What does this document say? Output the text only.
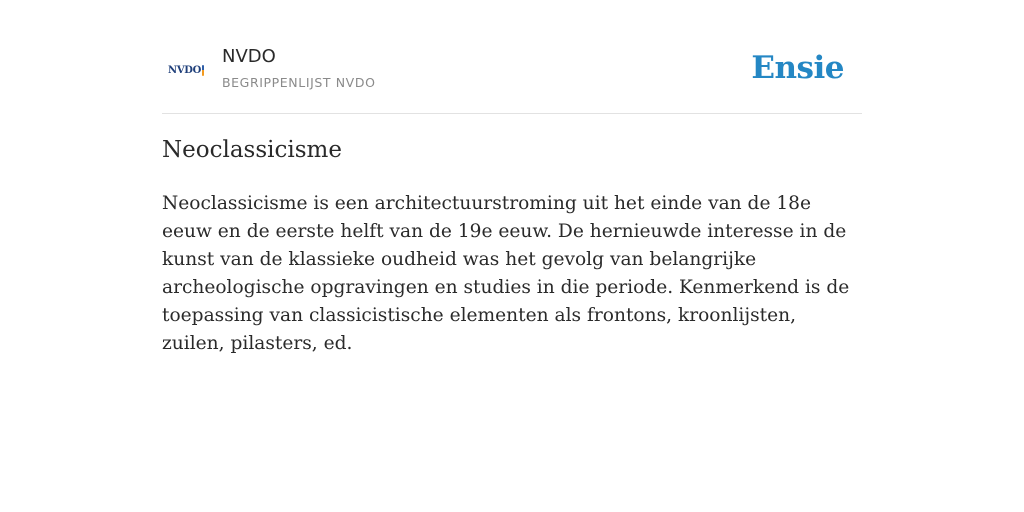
NVDO
NVDO
BEGRIPPENLIJST NVDO	Ensie
Neoclassicisme

Neoclassicisme is een architectuurstroming uit het einde van de 18e eeuw en de eerste helft van de 19e eeuw. De hernieuwde interesse in de kunst van de klassieke oudheid was het gevolg van belangrijke archeologische opgravingen en studies in die periode. Kenmerkend is de toepassing van classicistische elementen als frontons, kroonlijsten, zuilen, pilasters, ed.
